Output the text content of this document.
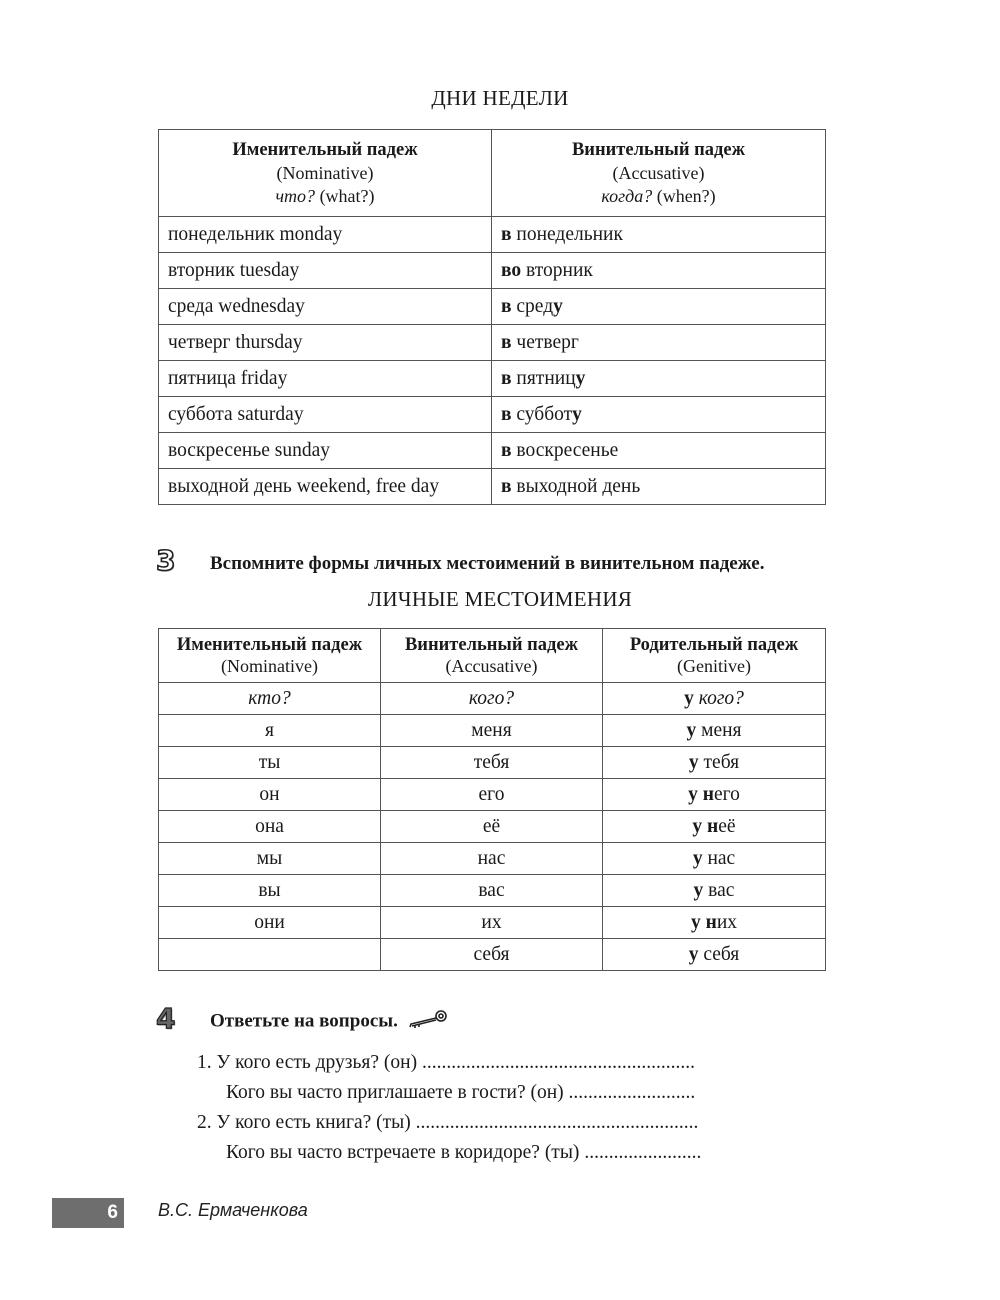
ДНИ НЕДЕЛИ
Именительный падеж
(Nominative)
что? (what?)

Винительный падеж
(Accusative)
когда? (when?)

понедельник monday	в понедельник
вторник tuesday	во вторник
среда wednesday	в среду
четверг thursday	в четверг
пятница friday	в пятницу
суббота saturday	в субботу
воскресенье sunday	в воскресенье
выходной день weekend, free day	в выходной день
3 Вспомните формы личных местоимений в винительном падеже.
ЛИЧНЫЕ МЕСТОИМЕНИЯ
Именительный падеж
(Nominative)

Винительный падеж
(Accusative)

Родительный падеж
(Genitive)

кто?	кого?	у кого?
я	меня	у меня
ты	тебя	у тебя
он	его	у него
она	её	у неё
мы	нас	у нас
вы	вас	у вас
они	их	у них
	себя	у себя
4 Ответьте на вопросы.
1. У кого есть друзья? (он) ........................................................
Кого вы часто приглашаете в гости? (он) ..........................
2. У кого есть книга? (ты) ..........................................................
Кого вы часто встречаете в коридоре? (ты) ........................
6 В.С. Ермаченкова
